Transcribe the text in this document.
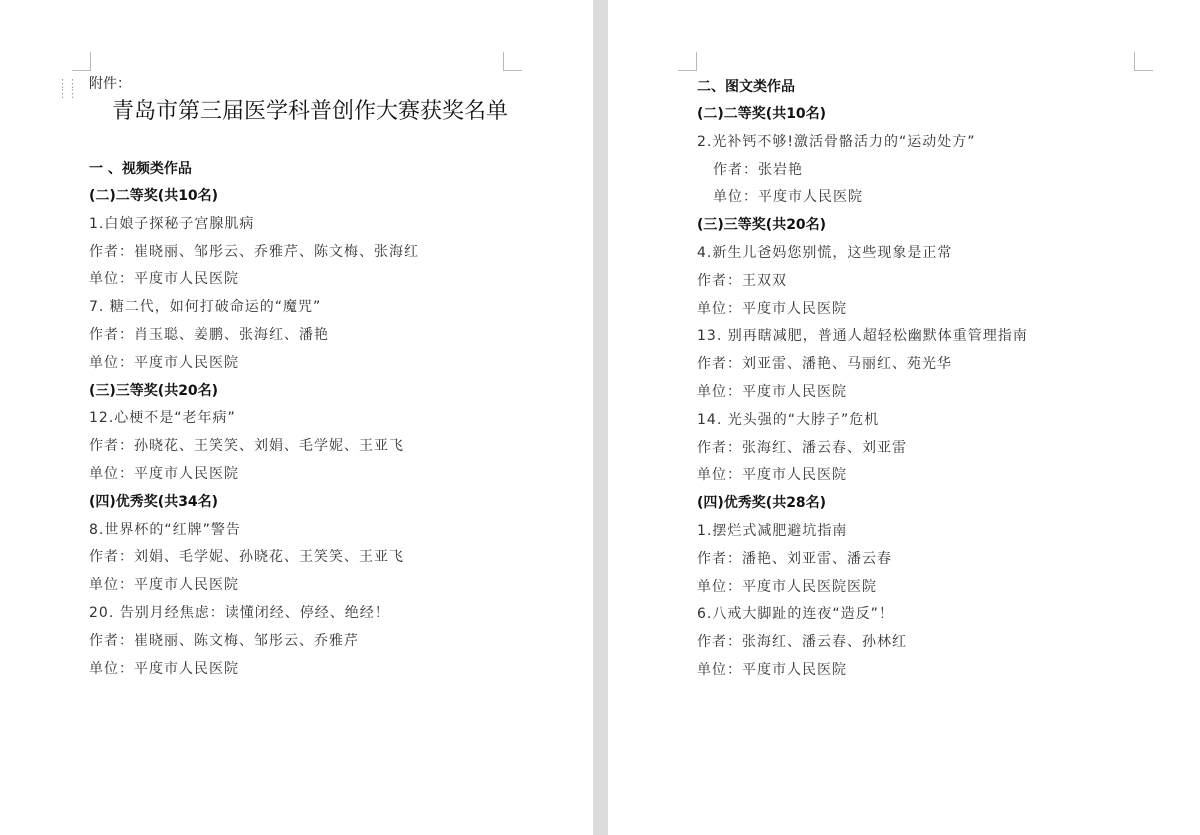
⋮⋮
⋮⋮
附件：
青岛市第三届医学科普创作大赛获奖名单
一 、视频类作品
(二)二等奖(共10名)
1.白娘子探秘子宫腺肌病
作者：崔晓丽、邹彤云、乔雅芹、陈文梅、张海红
单位：平度市人民医院
7. 糖二代，如何打破命运的“魔咒”
作者：肖玉聪、姜鹏、张海红、潘艳
单位：平度市人民医院
(三)三等奖(共20名)
12.心梗不是“老年病”
作者：孙晓花、王笑笑、刘娟、毛学妮、王亚飞
单位：平度市人民医院
(四)优秀奖(共34名)
8.世界杯的“红牌”警告
作者：刘娟、毛学妮、孙晓花、王笑笑、王亚飞
单位：平度市人民医院
20. 告别月经焦虑：读懂闭经、停经、绝经！
作者：崔晓丽、陈文梅、邹彤云、乔雅芹
单位：平度市人民医院
二、图文类作品
(二)二等奖(共10名)
2.光补钙不够!激活骨骼活力的“运动处方”
作者：张岩艳
单位：平度市人民医院
(三)三等奖(共20名)
4.新生儿爸妈您别慌，这些现象是正常
作者：王双双
单位：平度市人民医院
13. 别再瞎减肥，普通人超轻松幽默体重管理指南
作者：刘亚雷、潘艳、马丽红、苑光华
单位：平度市人民医院
14. 光头强的“大脖子”危机
作者：张海红、潘云春、刘亚雷
单位：平度市人民医院
(四)优秀奖(共28名)
1.摆烂式减肥避坑指南
作者：潘艳、刘亚雷、潘云春
单位：平度市人民医院医院
6.八戒大脚趾的连夜“造反”！
作者：张海红、潘云春、孙林红
单位：平度市人民医院
